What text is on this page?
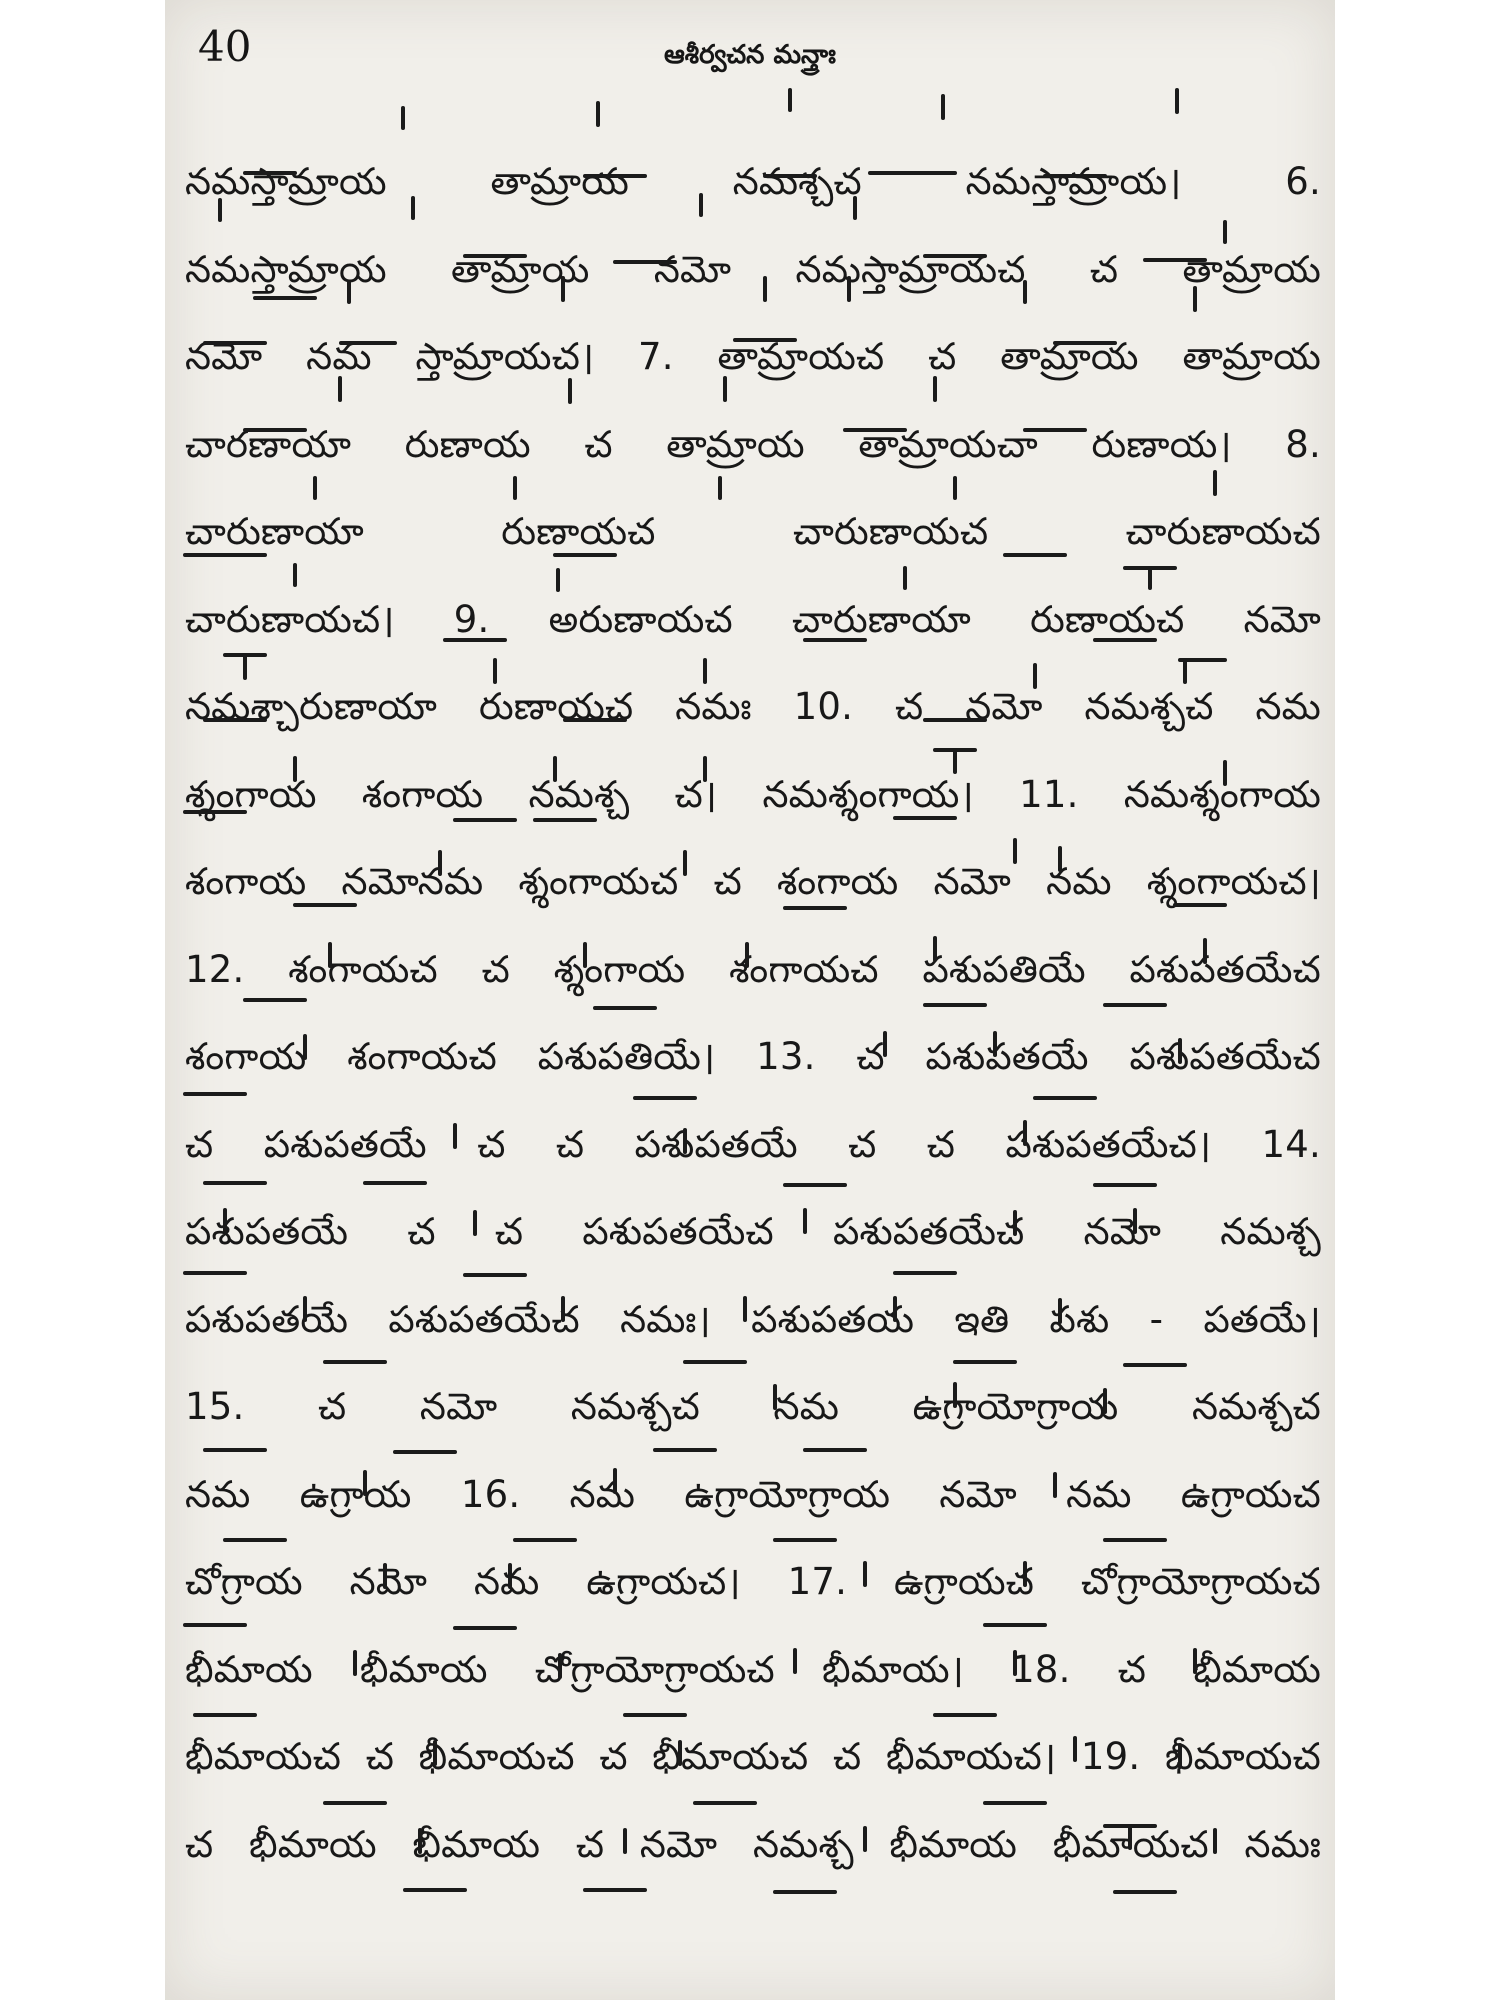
40	ఆశీర్వచన మన్త్రాః
నమస్తామ్రాయ తామ్రాయ నమశ్చచ నమస్తామ్రాయ। 6.
నమస్తామ్రాయ తామ్రాయ నమో నమస్తామ్రాయచ చ తామ్రాయ
నమో నమ స్తామ్రాయచ। 7. తామ్రాయచ చ తామ్రాయ తామ్రాయ
చారణాయా రుణాయ చ తామ్రాయ తామ్రాయచా రుణాయ। 8.
చారుణాయా రుణాయచ చారుణాయచ చారుణాయచ
చారుణాయచ। 9. అరుణాయచ చారుణాయా రుణాయచ నమో
నమశ్చారుణాయా రుణాయచ నమః 10. చ నమో నమశ్చచ నమ
శ్శంగాయ శంగాయ నమశ్చ చ। నమశ్శంగాయ। 11. నమశ్శంగాయ
శంగాయ నమోనమ శ్శంగాయచ చ శంగాయ నమో నమ శ్శంగాయచ।
12. శంగాయచ చ శ్శంగాయ శంగాయచ పశుపతియే పశుపతయేచ
శంగాయ శంగాయచ పశుపతియే। 13. చ పశుపతయే పశుపతయేచ
చ పశుపతయే చ చ పశుపతయే చ చ పశుపతయేచ। 14.
పశుపతయే చ చ పశుపతయేచ పశుపతయేచ నమో నమశ్చ
పశుపతయే పశుపతయేచ నమః। పశుపతయ ఇతి పశు - పతయే।
15. చ నమో నమశ్చచ నమ ఉగ్రాయోగ్రాయ నమశ్చచ
నమ ఉగ్రాయ 16. నమ ఉగ్రాయోగ్రాయ నమో నమ ఉగ్రాయచ
చోగ్రాయ నమో నమ ఉగ్రాయచ। 17. ఉగ్రాయచ చోగ్రాయోగ్రాయచ
భీమాయ భీమాయ చోగ్రాయోగ్రాయచ భీమాయ। 18. చ భీమాయ
భీమాయచ చ భీమాయచ చ భీమాయచ చ భీమాయచ। 19. భీమాయచ
చ భీమాయ భీమాయ చ నమో నమశ్చ భీమాయ భీమాయచ నమః
